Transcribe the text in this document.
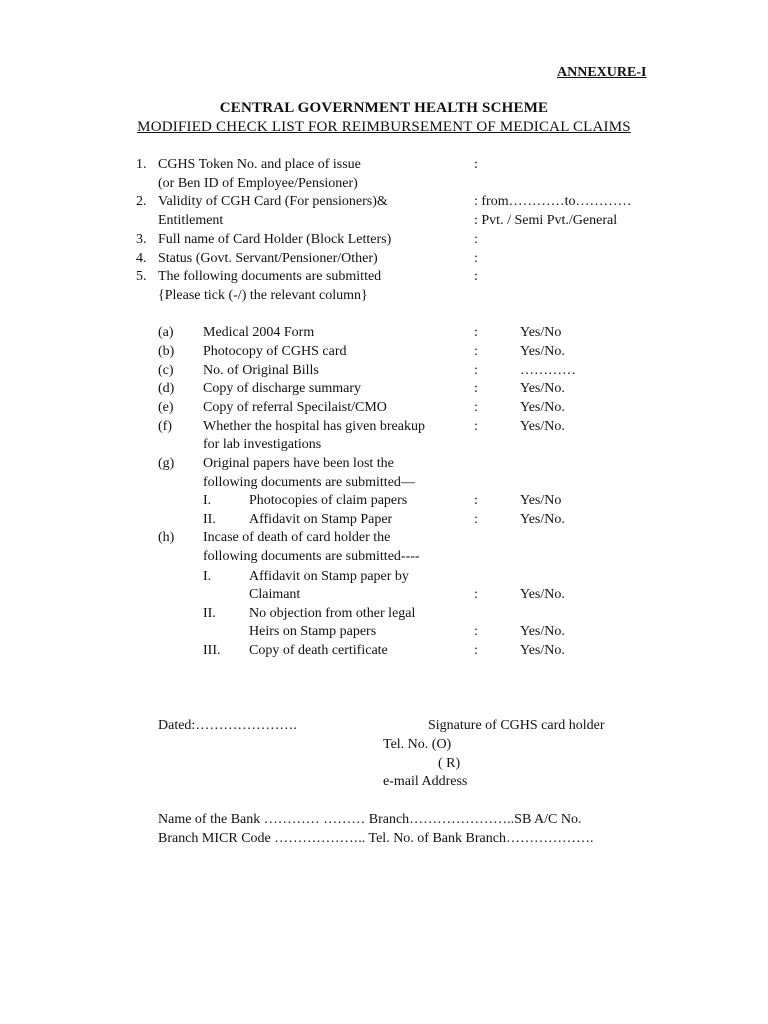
ANNEXURE-I
CENTRAL GOVERNMENT HEALTH SCHEME
MODIFIED CHECK LIST FOR REIMBURSEMENT OF MEDICAL CLAIMS
1. CGHS Token No. and place of issue	:
(or Ben ID of Employee/Pensioner)
2. Validity of CGH Card (For pensioners)&	: from…………to…………
Entitlement	: Pvt. / Semi Pvt./General
3. Full name of Card Holder (Block Letters)	:
4. Status (Govt. Servant/Pensioner/Other)	:
5. The following documents are submitted	:
{Please tick (-/) the relevant column}
(a) Medical 2004 Form	:	Yes/No
(b) Photocopy of CGHS card	:	Yes/No.
(c) No. of Original Bills	:	…………
(d) Copy of discharge summary	:	Yes/No.
(e) Copy of referral Specilaist/CMO	:	Yes/No.
(f) Whether the hospital has given breakup	:	Yes/No.
for lab investigations
(g) Original papers have been lost the
following documents are submitted—
I.	Photocopies of claim papers	:	Yes/No
II. Affidavit on Stamp Paper	:	Yes/No.
(h) Incase of death of card holder the
following documents are submitted----
I.	Affidavit on Stamp paper by
Claimant	:	Yes/No.
II. No objection from other legal
Heirs on Stamp papers	:	Yes/No.
III. Copy of death certificate	:	Yes/No.
Dated:………………….	Signature of CGHS card holder
Tel. No. (O)
( R)
e-mail Address
Name of the Bank ………… ……… Branch…………………..SB A/C No.
Branch MICR Code ……………….. Tel. No. of Bank Branch……………….
